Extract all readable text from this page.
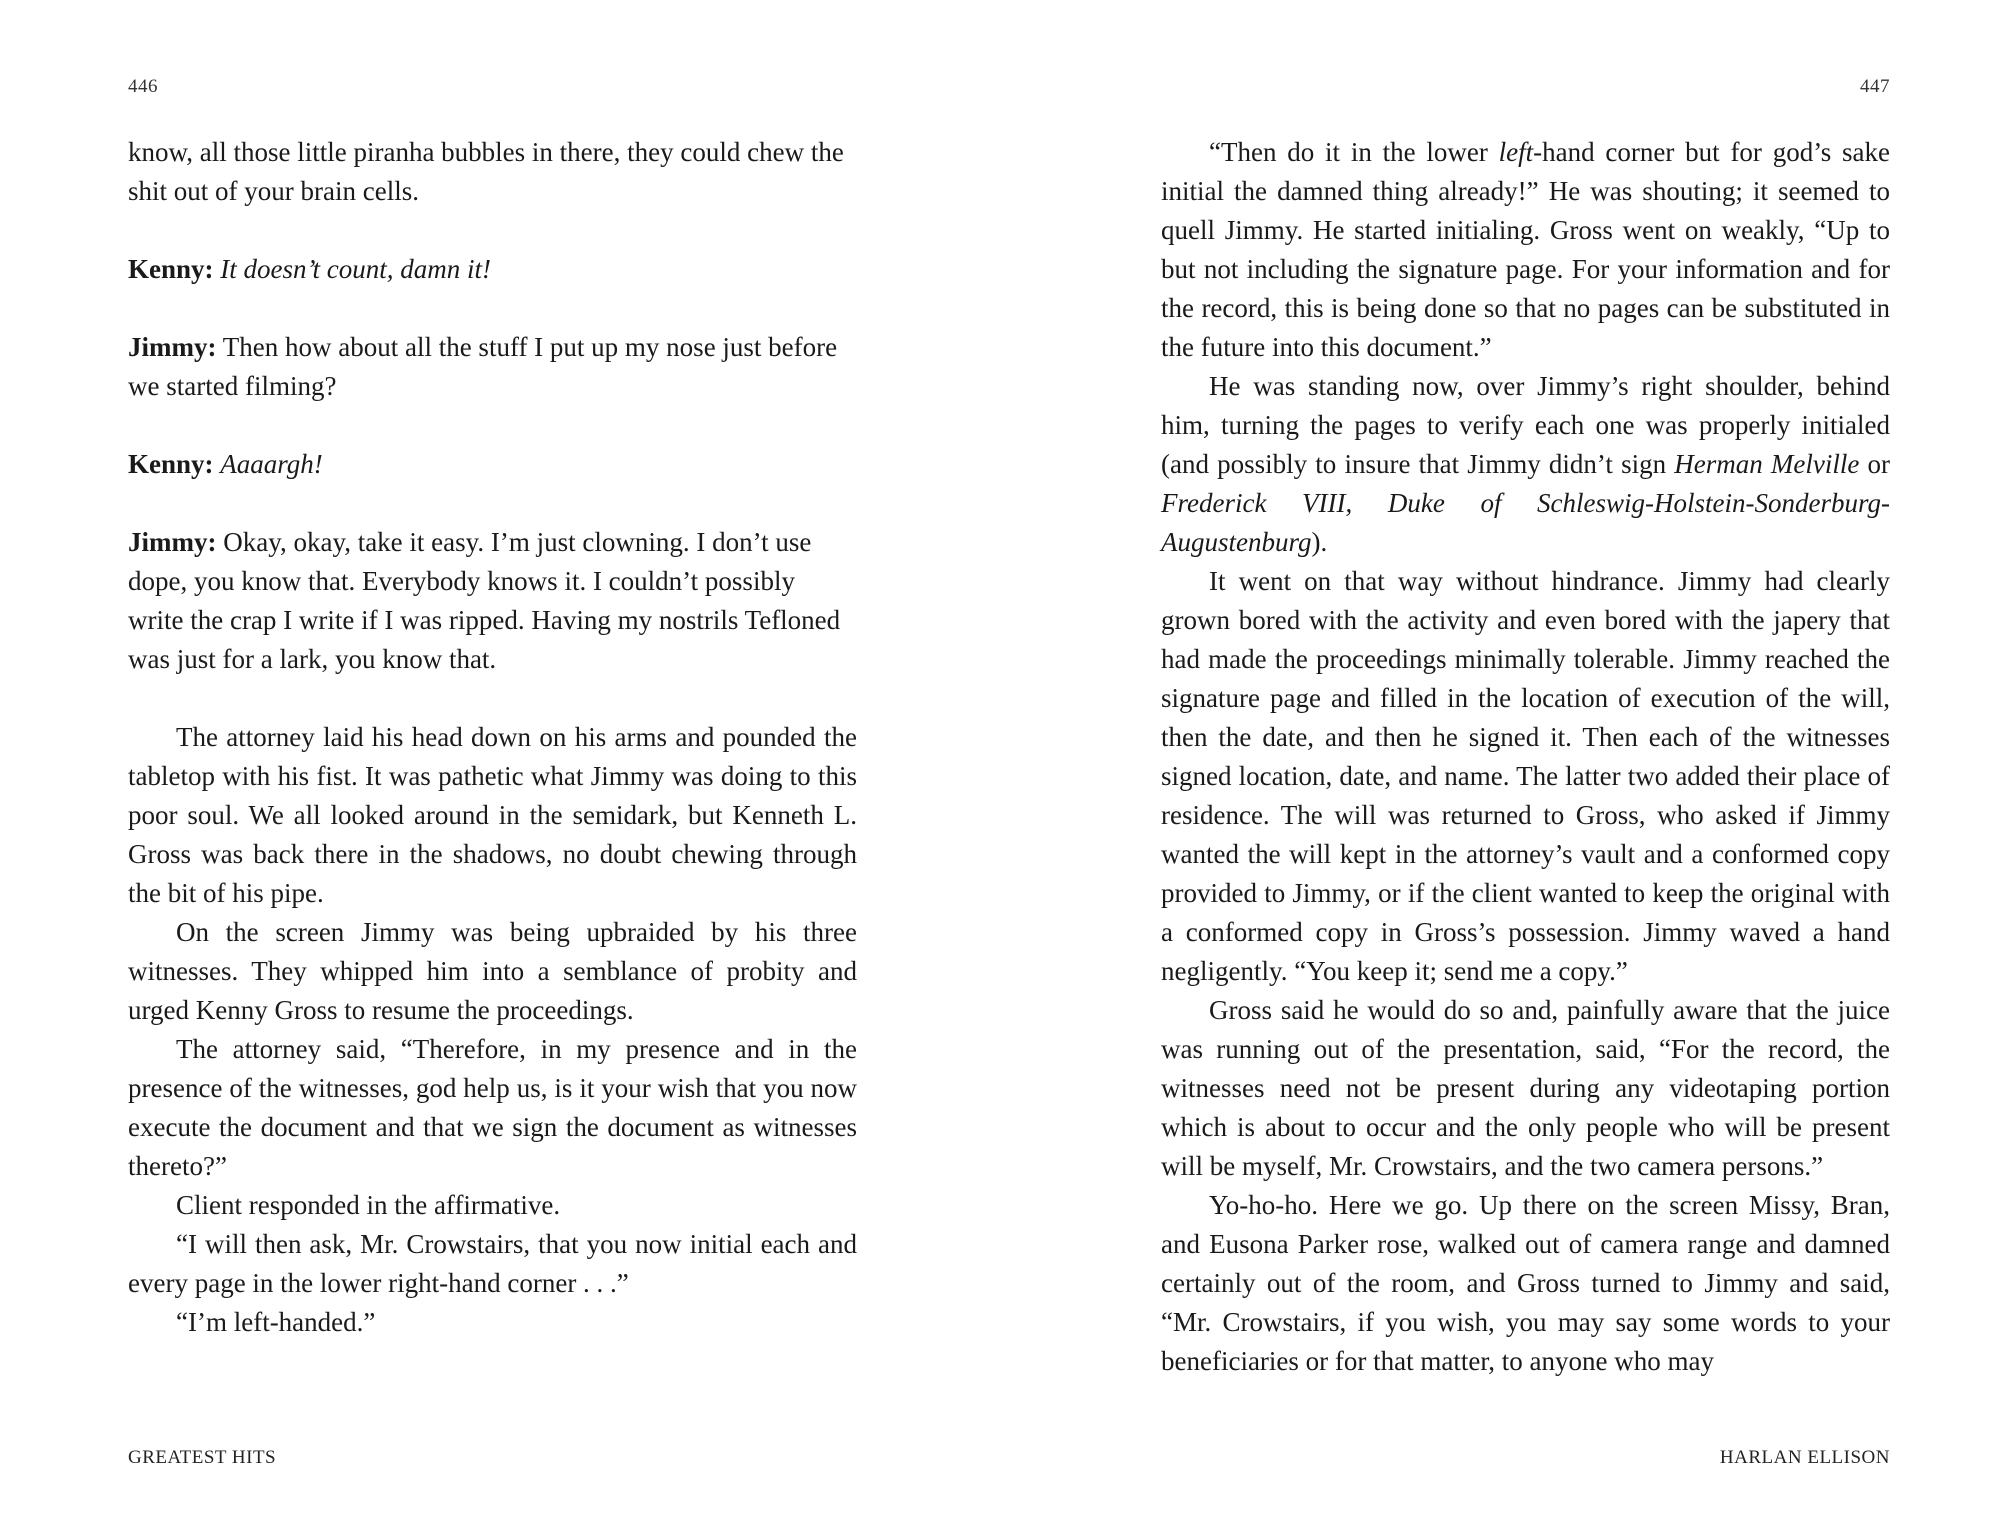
446

know, all those little piranha bubbles in there, they could chew the shit out of your brain cells.

Kenny: It doesn’t count, damn it!

Jimmy: Then how about all the stuff I put up my nose just before we started filming?

Kenny: Aaaargh!

Jimmy: Okay, okay, take it easy. I’m just clowning. I don’t use dope, you know that. Everybody knows it. I couldn’t possibly write the crap I write if I was ripped. Having my nostrils Tefloned was just for a lark, you know that.

The attorney laid his head down on his arms and pounded the tabletop with his fist. It was pathetic what Jimmy was doing to this poor soul. We all looked around in the semidark, but Kenneth L. Gross was back there in the shadows, no doubt chewing through the bit of his pipe.

On the screen Jimmy was being upbraided by his three witnesses. They whipped him into a semblance of probity and urged Kenny Gross to resume the proceedings.

The attorney said, “Therefore, in my presence and in the presence of the witnesses, god help us, is it your wish that you now execute the document and that we sign the document as witnesses thereto?”

Client responded in the affirmative.

“I will then ask, Mr. Crowstairs, that you now initial each and every page in the lower right-hand corner . . .”

“I’m left-handed.”

GREATEST HITS
447

“Then do it in the lower left-hand corner but for god’s sake initial the damned thing already!” He was shouting; it seemed to quell Jimmy. He started initialing. Gross went on weakly, “Up to but not including the signature page. For your information and for the record, this is being done so that no pages can be substituted in the future into this document.”

He was standing now, over Jimmy’s right shoulder, behind him, turning the pages to verify each one was properly initialed (and possibly to insure that Jimmy didn’t sign Herman Melville or Frederick VIII, Duke of Schleswig-Holstein-Sonderburg-Augustenburg).

It went on that way without hindrance. Jimmy had clearly grown bored with the activity and even bored with the japery that had made the proceedings minimally tolerable. Jimmy reached the signature page and filled in the location of execution of the will, then the date, and then he signed it. Then each of the witnesses signed location, date, and name. The latter two added their place of residence. The will was returned to Gross, who asked if Jimmy wanted the will kept in the attorney’s vault and a conformed copy provided to Jimmy, or if the client wanted to keep the original with a conformed copy in Gross’s possession. Jimmy waved a hand negligently. “You keep it; send me a copy.”

Gross said he would do so and, painfully aware that the juice was running out of the presentation, said, “For the record, the witnesses need not be present during any videotaping portion which is about to occur and the only people who will be present will be myself, Mr. Crowstairs, and the two camera persons.”

Yo-ho-ho. Here we go. Up there on the screen Missy, Bran, and Eusona Parker rose, walked out of camera range and damned certainly out of the room, and Gross turned to Jimmy and said, “Mr. Crowstairs, if you wish, you may say some words to your beneficiaries or for that matter, to anyone who may

HARLAN ELLISON
